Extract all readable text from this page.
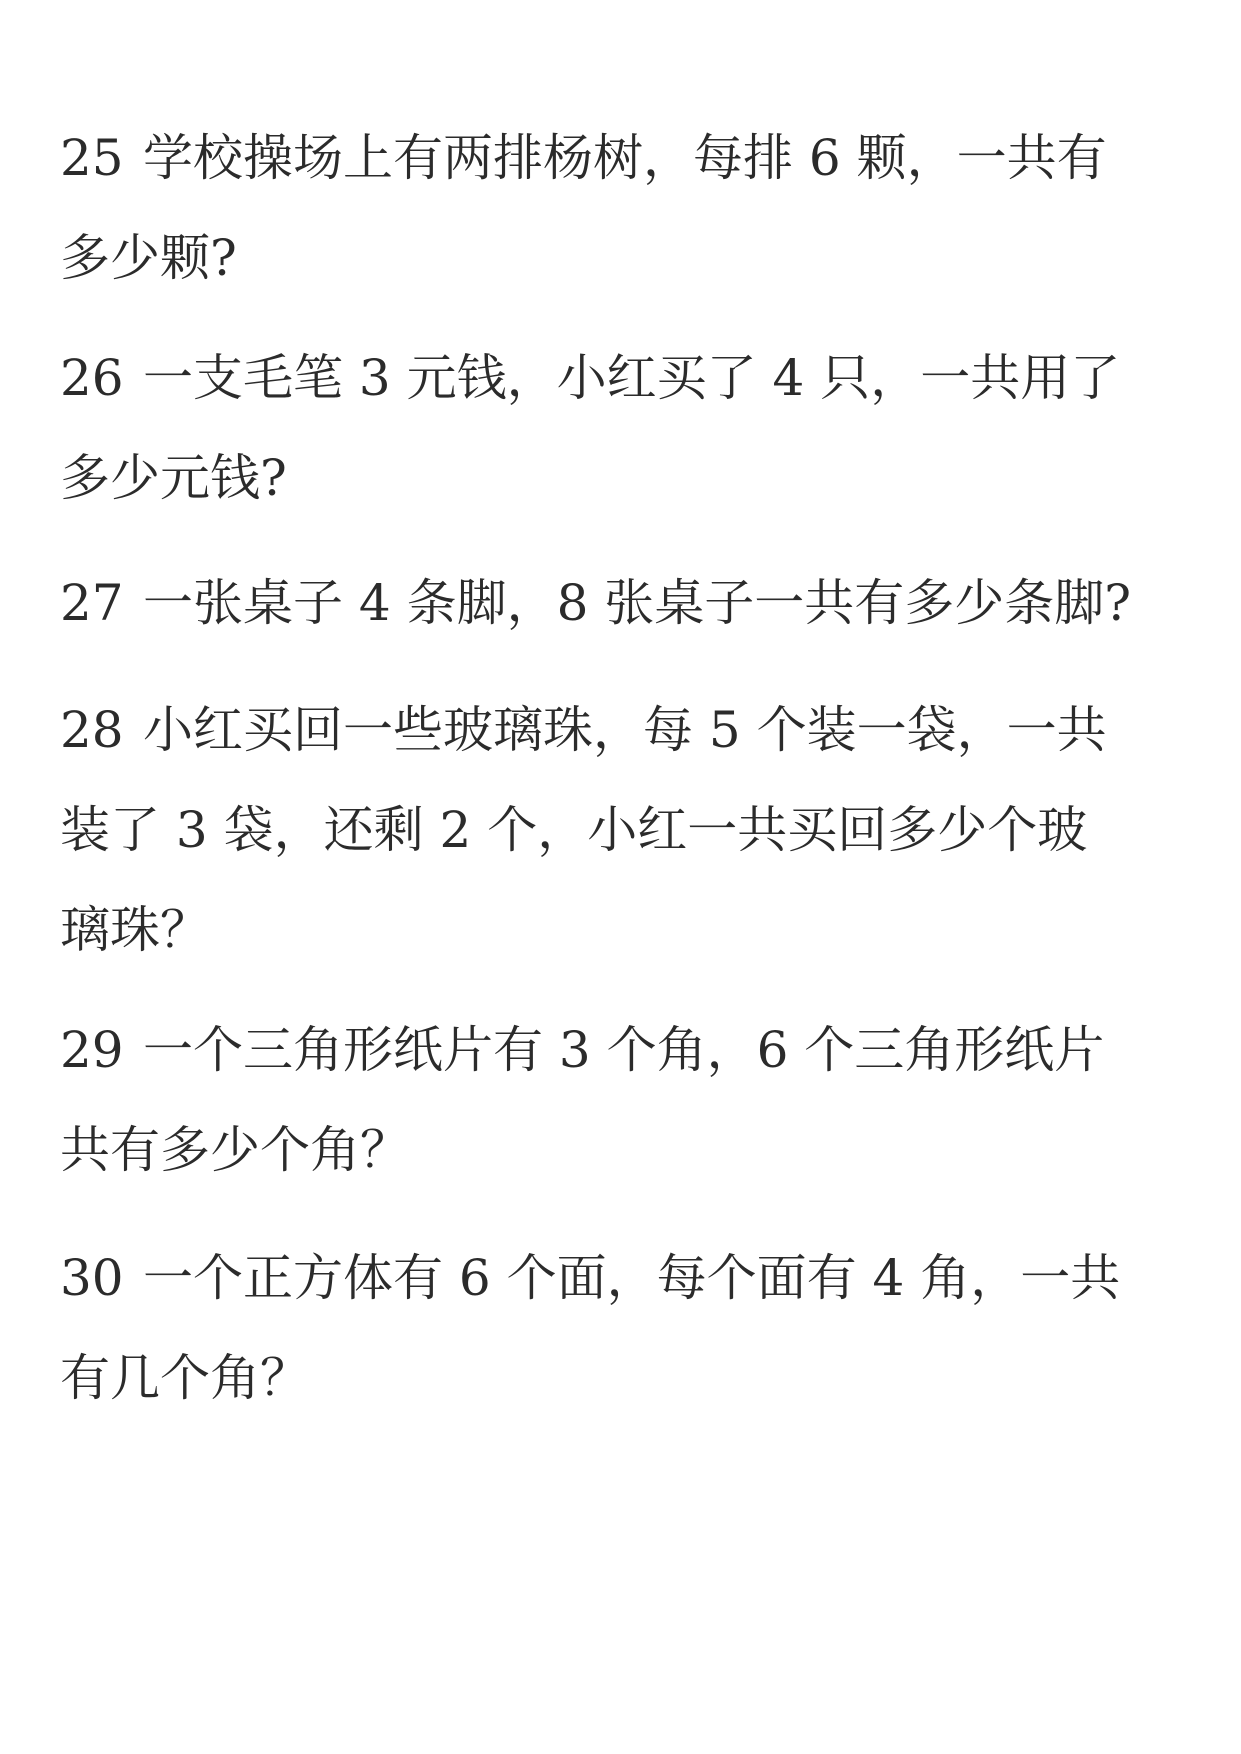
25 学校操场上有两排杨树，每排 6 颗，一共有
多少颗?
26 一支毛笔 3 元钱，小红买了 4 只，一共用了
多少元钱?
27 一张桌子 4 条脚，8 张桌子一共有多少条脚?
28 小红买回一些玻璃珠，每 5 个装一袋，一共
装了 3 袋，还剩 2 个，小红一共买回多少个玻
璃珠？
29 一个三角形纸片有 3 个角，6 个三角形纸片
共有多少个角？
30 一个正方体有 6 个面，每个面有 4 角，一共
有几个角？
